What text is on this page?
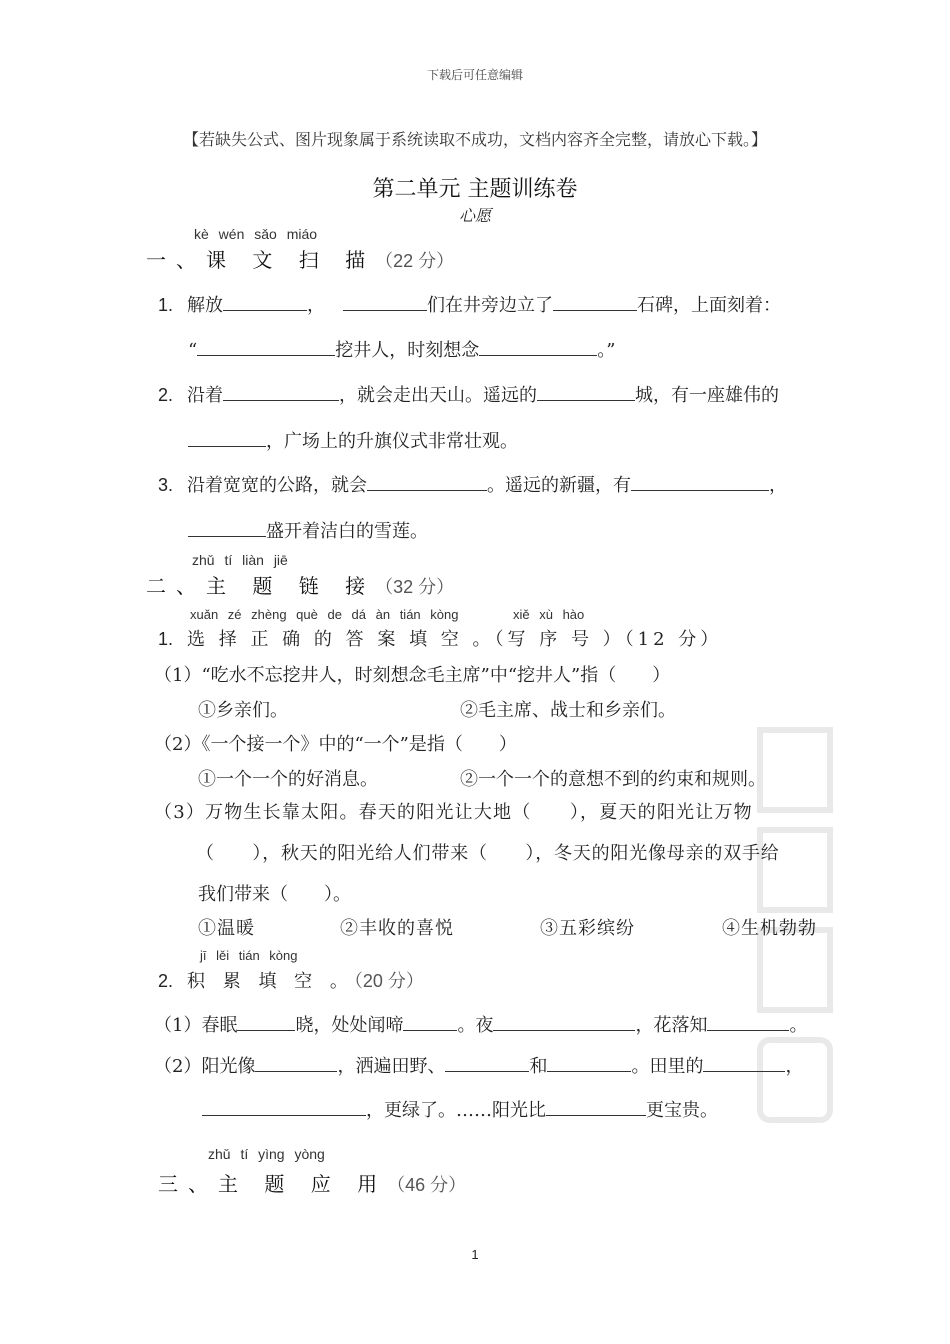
下载后可任意编辑
【若缺失公式、图片现象属于系统读取不成功，文档内容齐全完整，请放心下载。】
第二单元 主题训练卷
心愿
kè wén sǎo miáo
一、课 文 扫 描（22 分）
1. 解放	，	们在井旁边立了	石碑，上面刻着：
“	挖井人，时刻想念	。”
2. 沿着	，就会走出天山。遥远的	城，有一座雄伟的
，广场上的升旗仪式非常壮观。
3. 沿着宽宽的公路，就会	。遥远的新疆，有	，
盛开着洁白的雪莲。
zhǔ tí liàn jiē
二、主 题 链 接（32 分）
xuǎn zé zhèng què de dá àn tián kòng	xiě xù hào
1. 选 择 正 确 的 答 案 填 空 。（写 序 号 ）（12 分）
（1）“吃水不忘挖井人，时刻想念毛主席”中“挖井人”指（　　）
①乡亲们。	②毛主席、战士和乡亲们。
（2）《一个接一个》中的“一个”是指（　　）
①一个一个的好消息。	②一个一个的意想不到的约束和规则。
（3）万物生长靠太阳。春天的阳光让大地（　　），夏天的阳光让万物
（　　），秋天的阳光给人们带来（　　），冬天的阳光像母亲的双手给
我们带来（　　）。
①温暖	②丰收的喜悦	③五彩缤纷	④生机勃勃
jī lěi tián kòng
2. 积 累 填 空 。（20 分）
（1）春眠	晓，处处闻啼	。夜	，花落知	。
（2）阳光像	，洒遍田野、	和	。田里的	，
，更绿了。……阳光比	更宝贵。
zhǔ tí yìng yòng
三、主 题 应 用（46 分）
1
